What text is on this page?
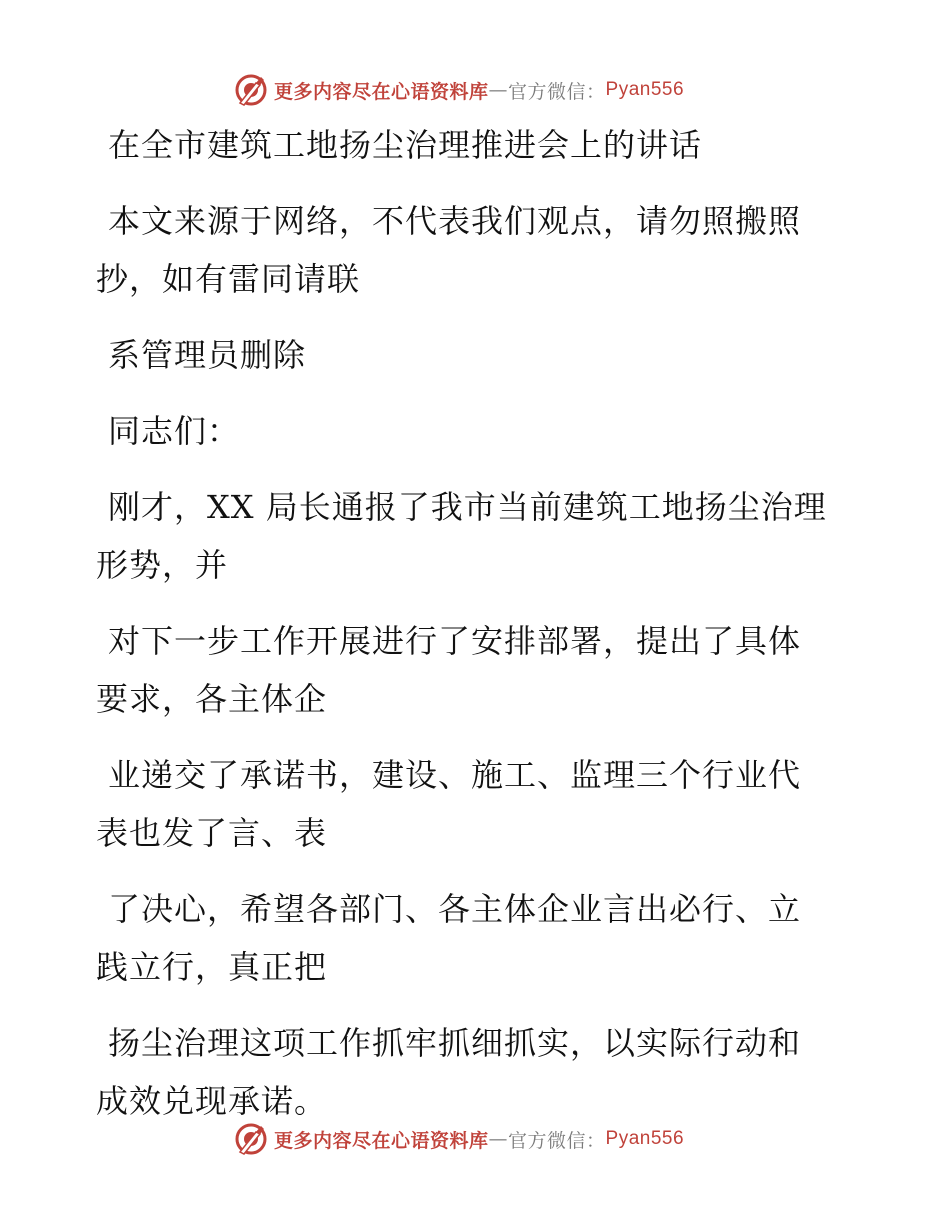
更多内容尽在心语资料库 — 官方微信： Pyan556
在全市建筑工地扬尘治理推进会上的讲话
本文来源于网络，不代表我们观点，请勿照搬照
抄，如有雷同请联
系管理员删除
同志们：
刚才，XX 局长通报了我市当前建筑工地扬尘治理
形势，并
对下一步工作开展进行了安排部署，提出了具体
要求，各主体企
业递交了承诺书，建设、施工、监理三个行业代
表也发了言、表
了决心，希望各部门、各主体企业言出必行、立
践立行，真正把
扬尘治理这项工作抓牢抓细抓实，以实际行动和
成效兑现承诺。
更多内容尽在心语资料库 — 官方微信： Pyan556
